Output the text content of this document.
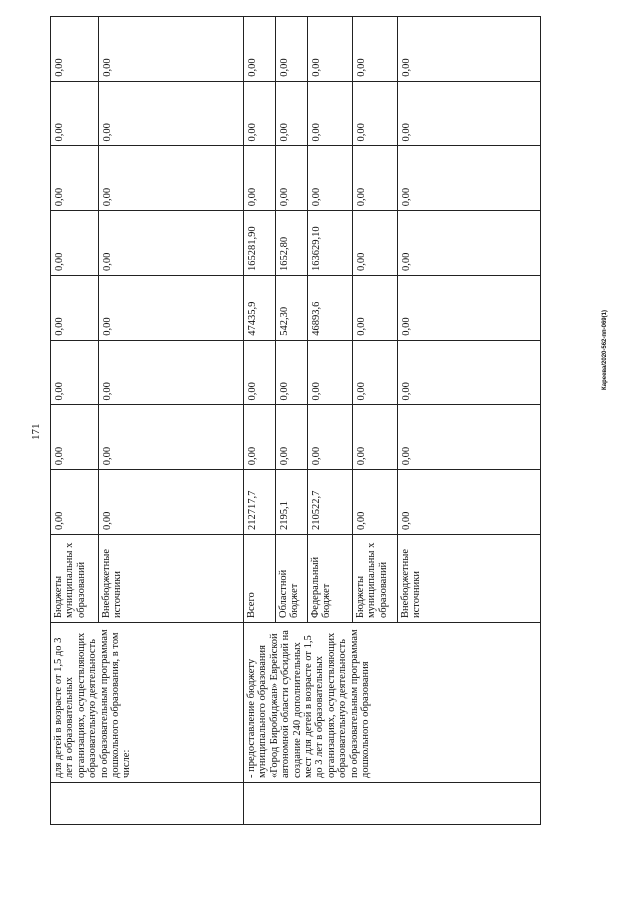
171
Кареева/2020-562-пп-069(1)
	для детей в возрасте от 1,5 до 3 лет в образовательных организациях, осуществляющих образовательную деятельность по образовательным программам дошкольного образования, в том числе:	Бюджеты муниципальны х образований	0,00	0,00	0,00	0,00	0,00	0,00	0,00	0,00
		Внебюджетные источники	0,00	0,00	0,00	0,00	0,00	0,00	0,00	0,00
	- предоставление бюджету муниципального образования «Город Биробиджан» Еврейской автономной области субсидий на создание 240 дополнительных мест для детей в возрасте от 1,5 до 3 лет в образовательных организациях, осуществляющих образовательную деятельность по образовательным программам дошкольного образования	Всего	212717,7	0,00	0,00	47435,9	165281,90	0,00	0,00	0,00
		Областной бюджет	2195,1	0,00	0,00	542,30	1652,80	0,00	0,00	0,00
		Федеральный бюджет	210522,7	0,00	0,00	46893,6	163629,10	0,00	0,00	0,00
		Бюджеты муниципальны х образований	0,00	0,00	0,00	0,00	0,00	0,00	0,00	0,00
		Внебюджетные источники	0,00	0,00	0,00	0,00	0,00	0,00	0,00	0,00
